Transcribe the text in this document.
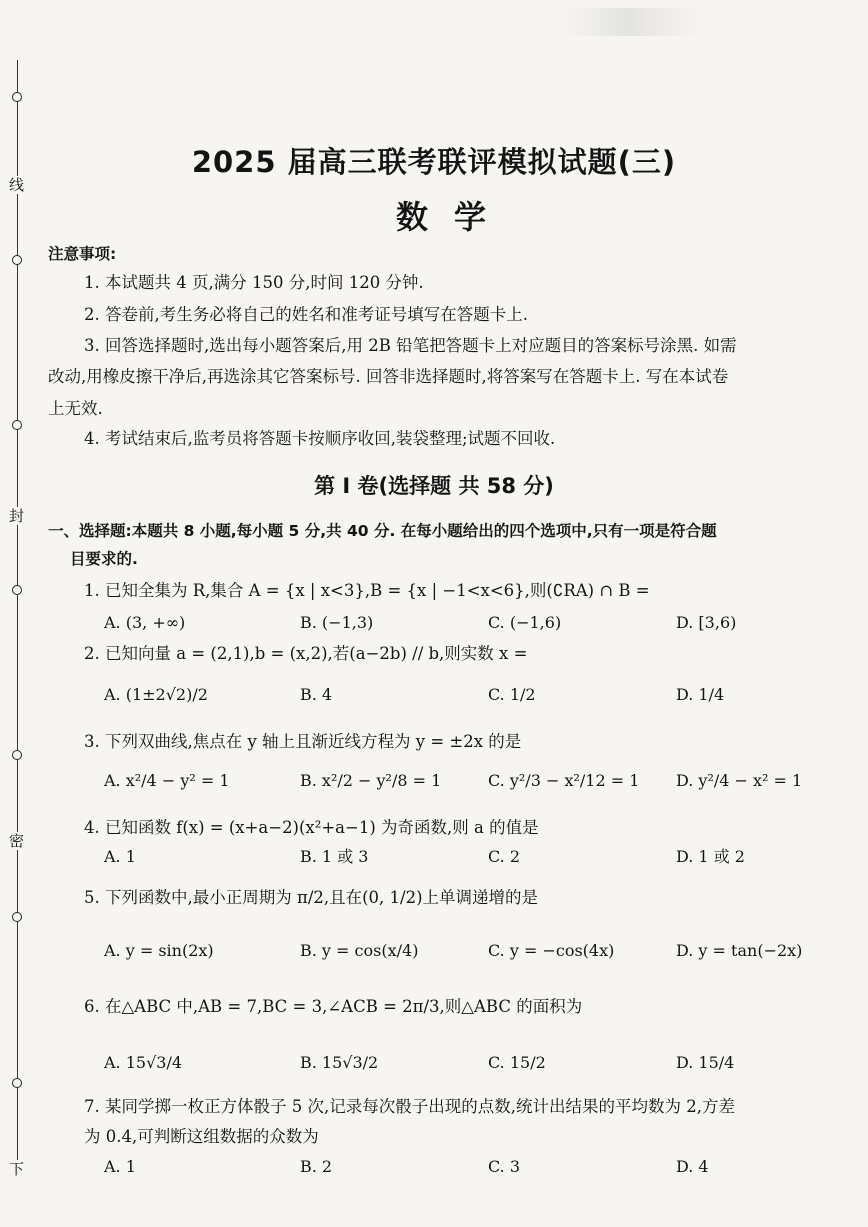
线
封
密
下
2025 届高三联考联评模拟试题(三)
数学
注意事项:
1. 本试题共 4 页,满分 150 分,时间 120 分钟.
2. 答卷前,考生务必将自己的姓名和准考证号填写在答题卡上.
3. 回答选择题时,选出每小题答案后,用 2B 铅笔把答题卡上对应题目的答案标号涂黑. 如需
改动,用橡皮擦干净后,再选涂其它答案标号. 回答非选择题时,将答案写在答题卡上. 写在本试卷
上无效.
4. 考试结束后,监考员将答题卡按顺序收回,装袋整理;试题不回收.
第 I 卷(选择题 共 58 分)
一、选择题:本题共 8 小题,每小题 5 分,共 40 分. 在每小题给出的四个选项中,只有一项是符合题
目要求的.
1. 已知全集为 R,集合 A = {x | x<3},B = {x | −1<x<6},则(∁RA) ∩ B =
A. (3, +∞)	B. (−1,3)	C. (−1,6)	D. [3,6)
2. 已知向量 a = (2,1),b = (x,2),若(a−2b) // b,则实数 x =
A. (1±2√2)/2	B. 4	C. 1/2	D. 1/4
3. 下列双曲线,焦点在 y 轴上且渐近线方程为 y = ±2x 的是
A. x²/4 − y² = 1	B. x²/2 − y²/8 = 1	C. y²/3 − x²/12 = 1 D. y²/4 − x² = 1
4. 已知函数 f(x) = (x+a−2)(x²+a−1) 为奇函数,则 a 的值是
A. 1	B. 1 或 3	C. 2	D. 1 或 2
5. 下列函数中,最小正周期为 π/2,且在(0, 1/2)上单调递增的是
A. y = sin(2x)	B. y = cos(x/4)	C. y = −cos(4x)	D. y = tan(−2x)
6. 在△ABC 中,AB = 7,BC = 3,∠ACB = 2π/3,则△ABC 的面积为
A. 15√3/4	B. 15√3/2	C. 15/2	D. 15/4
7. 某同学掷一枚正方体骰子 5 次,记录每次骰子出现的点数,统计出结果的平均数为 2,方差
为 0.4,可判断这组数据的众数为
A. 1	B. 2	C. 3	D. 4
